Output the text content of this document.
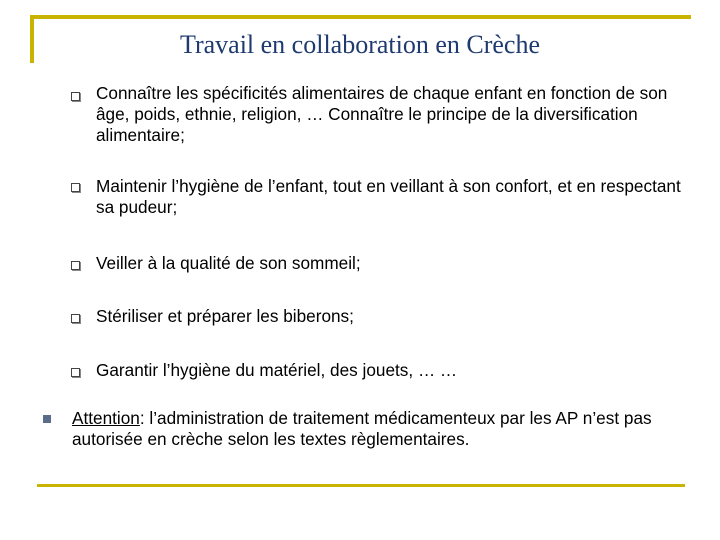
Travail en collaboration en Crèche
Connaître les spécificités alimentaires de chaque enfant en fonction de son âge, poids, ethnie, religion, … Connaître le principe de la diversification alimentaire;
Maintenir l’hygiène de l’enfant, tout en veillant à son confort, et en respectant sa pudeur;
Veiller à la qualité de son sommeil;
Stériliser et préparer les biberons;
Garantir l’hygiène du matériel, des jouets, … …
Attention: l’administration de traitement médicamenteux par les AP n’est pas autorisée en crèche selon les textes règlementaires.
